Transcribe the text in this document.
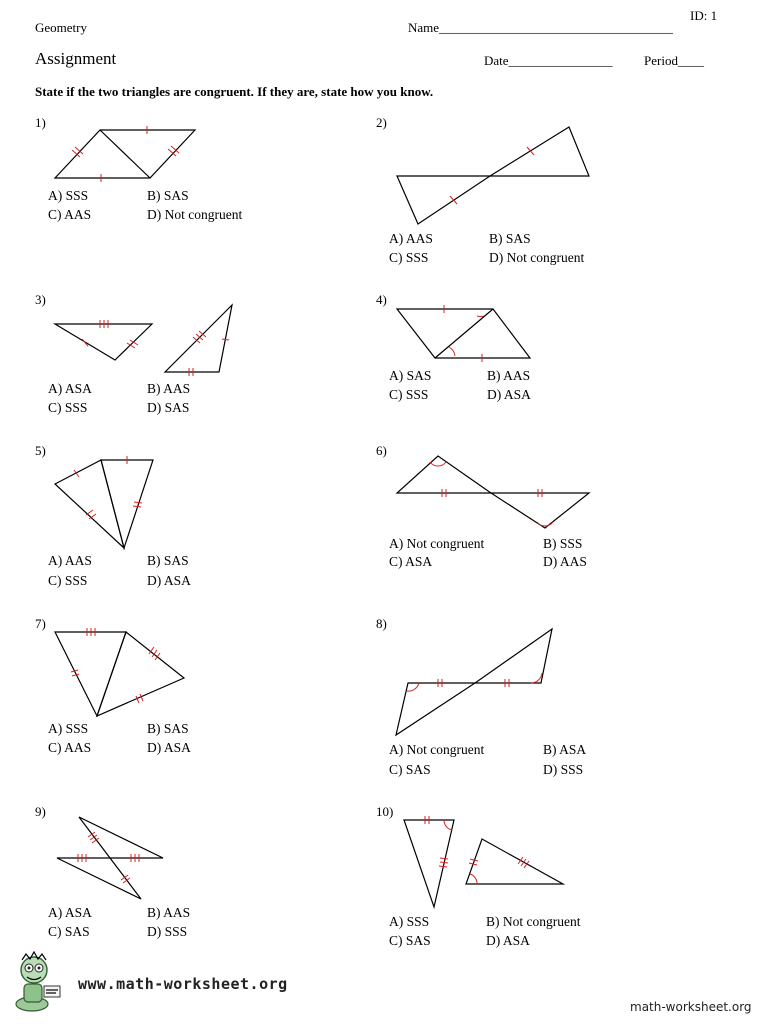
ID: 1
Geometry	Name____________________________________
Assignment	Date________________ Period____
State if the two triangles are congruent. If they are, state how you know.
1)
A) SSS	B) SAS
C) AAS	D) Not congruent
2)
A) AAS	B) SAS
C) SSS	D) Not congruent
3)
A) ASA	B) AAS
C) SSS	D) SAS
4)
A) SAS	B) AAS
C) SSS	D) ASA
5)
A) AAS	B) SAS
C) SSS	D) ASA
6)
A) Not congruent	B) SSS
C) ASA	D) AAS
7)
A) SSS	B) SAS
C) AAS	D) ASA
8)
A) Not congruent	B) ASA
C) SAS	D) SSS
9)
A) ASA	B) AAS
C) SAS	D) SSS
10)
A) SSS	B) Not congruent
C) SAS	D) ASA
www.math-worksheet.org
math-worksheet.org
